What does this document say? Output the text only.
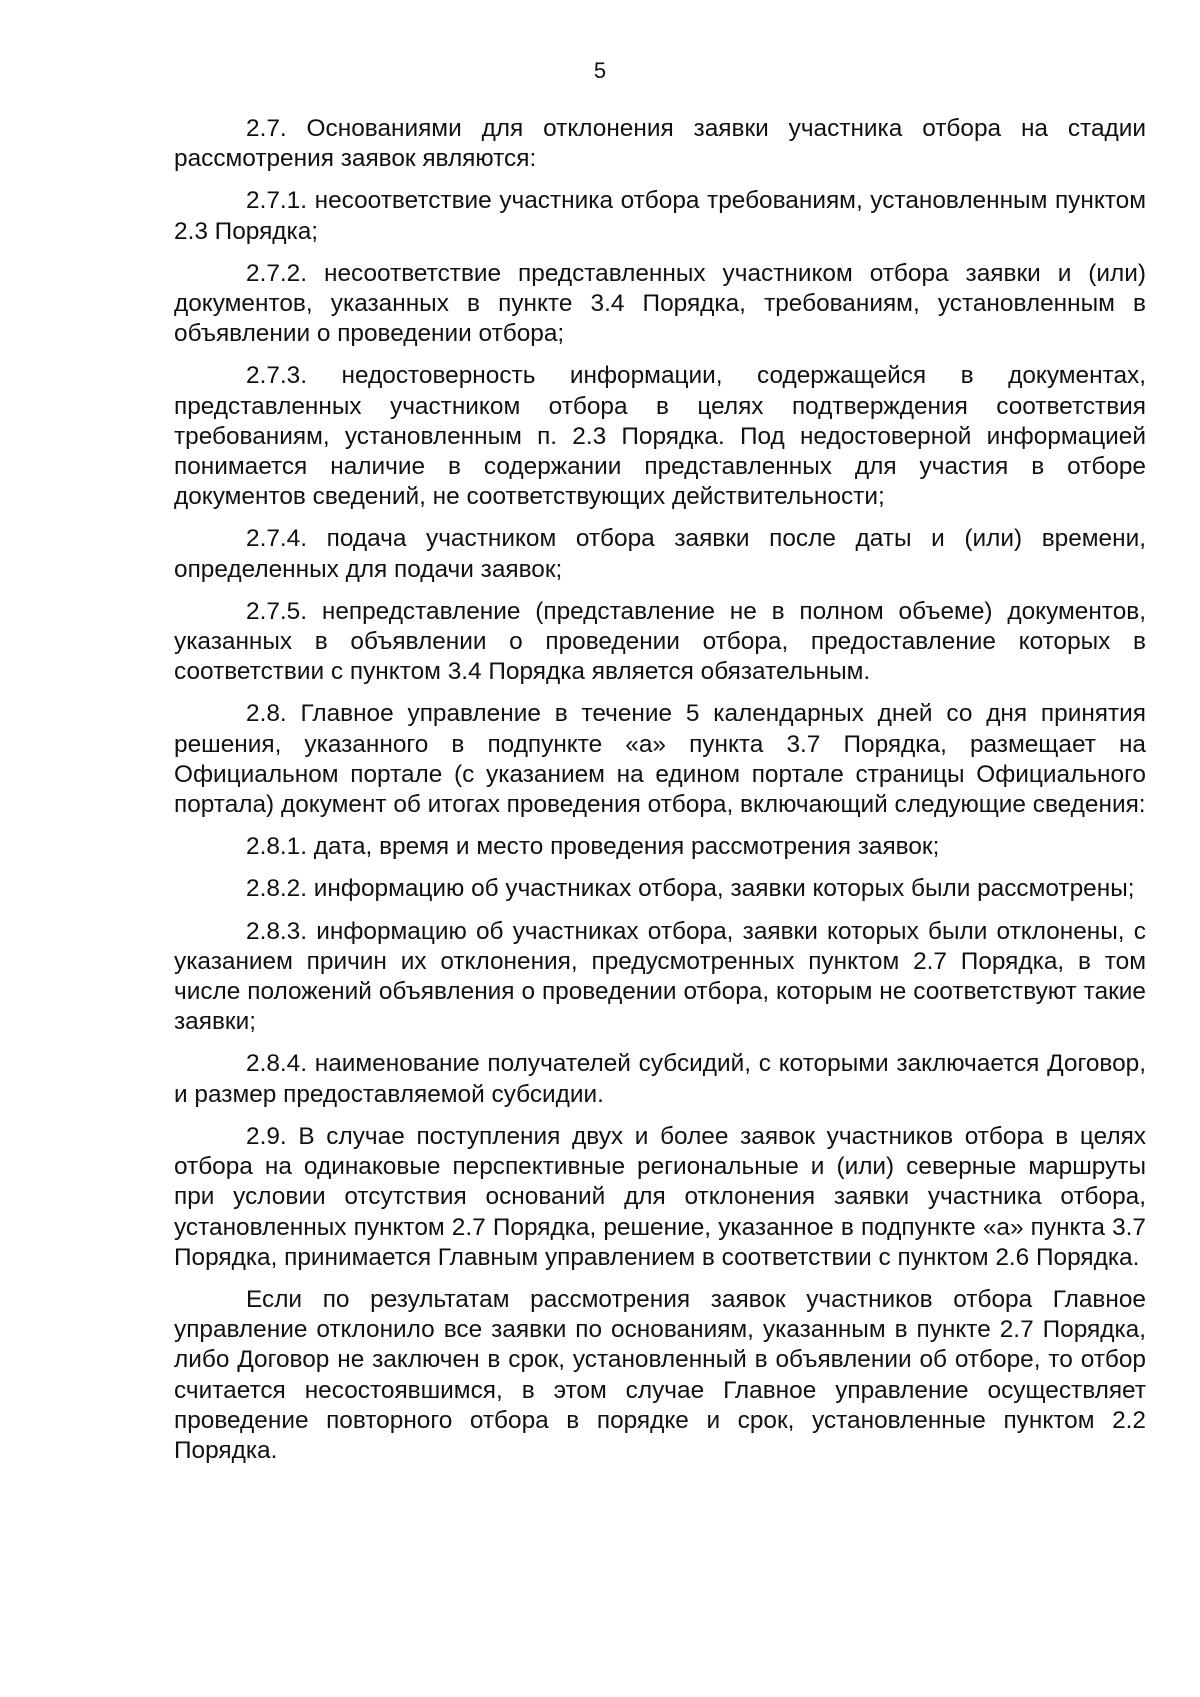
5

2.7. Основаниями для отклонения заявки участника отбора на стадии рассмотрения заявок являются:

2.7.1. несоответствие участника отбора требованиям, установленным пунктом 2.3 Порядка;

2.7.2. несоответствие представленных участником отбора заявки и (или) документов, указанных в пункте 3.4 Порядка, требованиям, установленным в объявлении о проведении отбора;

2.7.3. недостоверность информации, содержащейся в документах, представленных участником отбора в целях подтверждения соответствия требованиям, установленным п. 2.3 Порядка. Под недостоверной информацией понимается наличие в содержании представленных для участия в отборе документов сведений, не соответствующих действительности;

2.7.4. подача участником отбора заявки после даты и (или) времени, определенных для подачи заявок;

2.7.5. непредставление (представление не в полном объеме) документов, указанных в объявлении о проведении отбора, предоставление которых в соответствии с пунктом 3.4 Порядка является обязательным.

2.8. Главное управление в течение 5 календарных дней со дня принятия решения, указанного в подпункте «а» пункта 3.7 Порядка, размещает на Официальном портале (с указанием на едином портале страницы Официального портала) документ об итогах проведения отбора, включающий следующие сведения:

2.8.1. дата, время и место проведения рассмотрения заявок;

2.8.2. информацию об участниках отбора, заявки которых были рассмотрены;

2.8.3. информацию об участниках отбора, заявки которых были отклонены, с указанием причин их отклонения, предусмотренных пунктом 2.7 Порядка, в том числе положений объявления о проведении отбора, которым не соответствуют такие заявки;

2.8.4. наименование получателей субсидий, с которыми заключается Договор, и размер предоставляемой субсидии.

2.9. В случае поступления двух и более заявок участников отбора в целях отбора на одинаковые перспективные региональные и (или) северные маршруты при условии отсутствия оснований для отклонения заявки участника отбора, установленных пунктом 2.7 Порядка, решение, указанное в подпункте «а» пункта 3.7 Порядка, принимается Главным управлением в соответствии с пунктом 2.6 Порядка.

Если по результатам рассмотрения заявок участников отбора Главное управление отклонило все заявки по основаниям, указанным в пункте 2.7 Порядка, либо Договор не заключен в срок, установленный в объявлении об отборе, то отбор считается несостоявшимся, в этом случае Главное управление осуществляет проведение повторного отбора в порядке и срок, установленные пунктом 2.2 Порядка.
